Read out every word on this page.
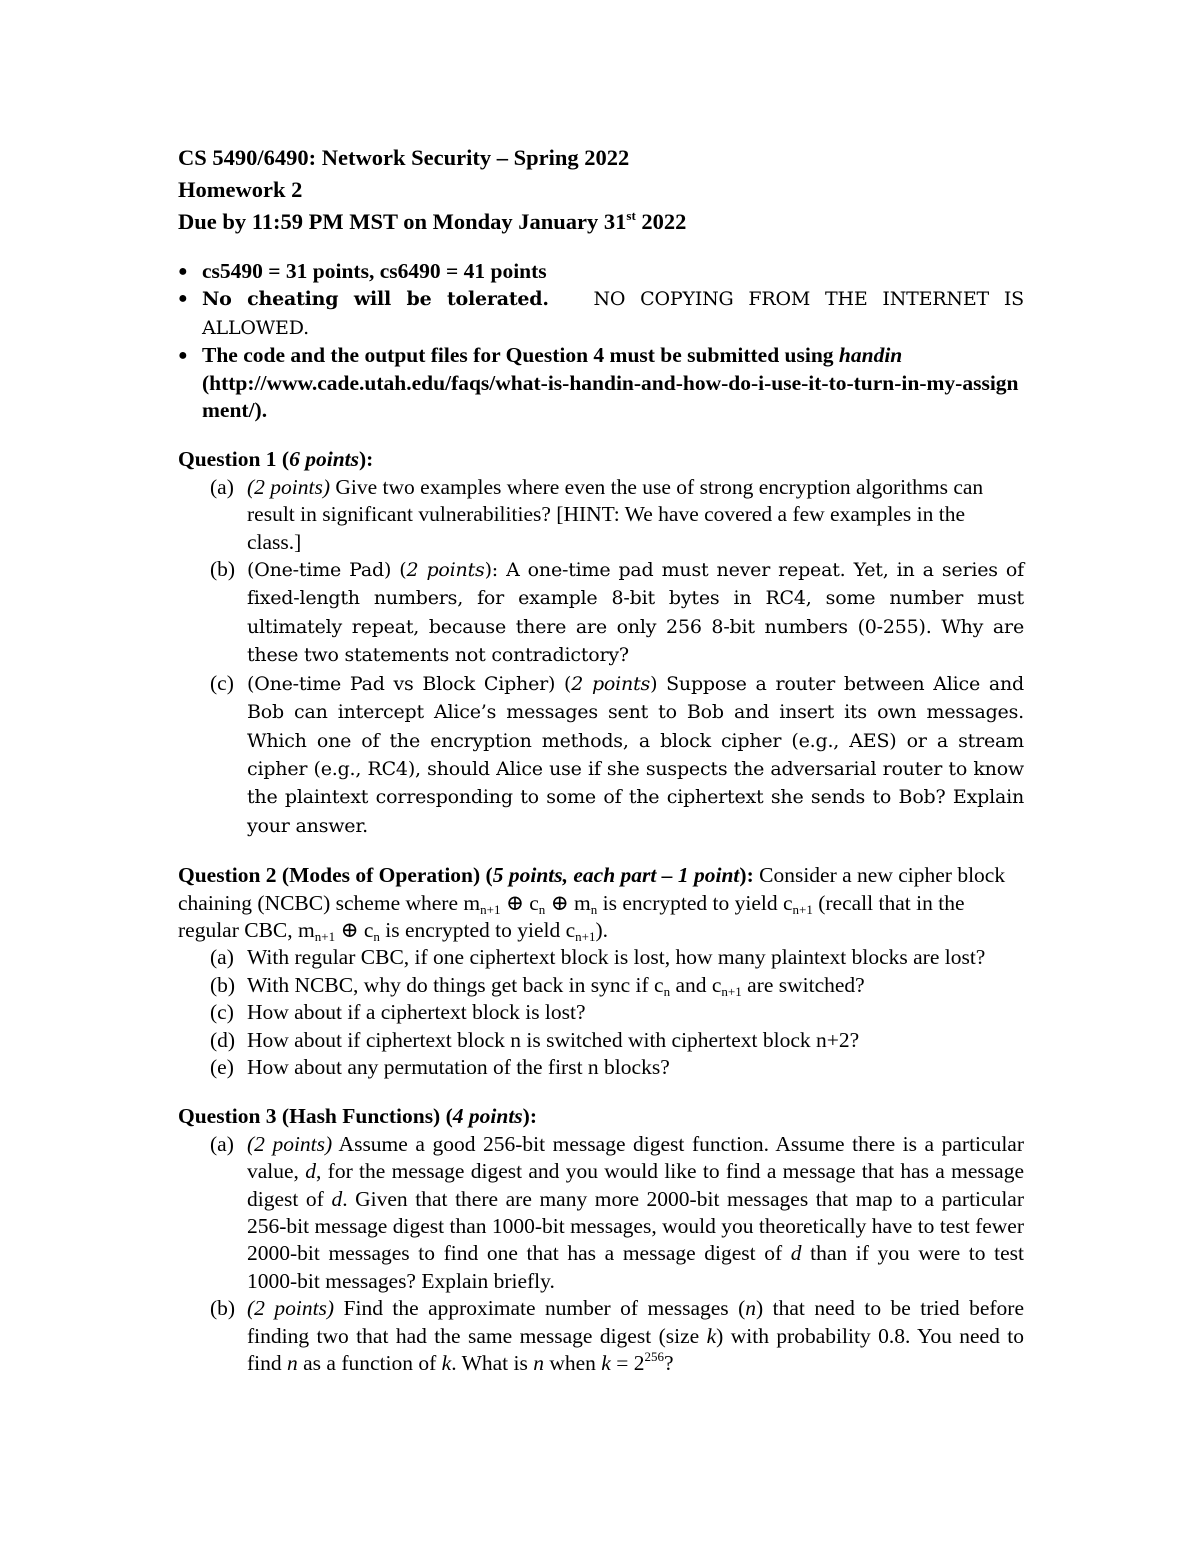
CS 5490/6490: Network Security – Spring 2022
Homework 2
Due by 11:59 PM MST on Monday January 31st 2022
● cs5490 = 31 points, cs6490 = 41 points
● No cheating will be tolerated. NO COPYING FROM THE INTERNET IS ALLOWED.
● The code and the output files for Question 4 must be submitted using handin
(http://www.cade.utah.edu/faqs/what-is-handin-and-how-do-i-use-it-to-turn-in-my-assignment/).
Question 1 (6 points):
(a) (2 points) Give two examples where even the use of strong encryption algorithms can result in significant vulnerabilities? [HINT: We have covered a few examples in the class.]
(b) (One-time Pad) (2 points): A one-time pad must never repeat. Yet, in a series of fixed-length numbers, for example 8-bit bytes in RC4, some number must ultimately repeat, because there are only 256 8-bit numbers (0-255). Why are these two statements not contradictory?
(c) (One-time Pad vs Block Cipher) (2 points) Suppose a router between Alice and Bob can intercept Alice’s messages sent to Bob and insert its own messages. Which one of the encryption methods, a block cipher (e.g., AES) or a stream cipher (e.g., RC4), should Alice use if she suspects the adversarial router to know the plaintext corresponding to some of the ciphertext she sends to Bob? Explain your answer.
Question 2 (Modes of Operation) (5 points, each part – 1 point): Consider a new cipher block chaining (NCBC) scheme where $m_{n+1}$ ⊕ $c_n$ ⊕ $m_n$ is encrypted to yield $c_{n+1}$ (recall that in the regular CBC, $m_{n+1}$ ⊕ $c_n$ is encrypted to yield $c_{n+1}$).
(a) With regular CBC, if one ciphertext block is lost, how many plaintext blocks are lost?
(b) With NCBC, why do things get back in sync if $c_n$ and $c_{n+1}$ are switched?
(c) How about if a ciphertext block is lost?
(d) How about if ciphertext block n is switched with ciphertext block n+2?
(e) How about any permutation of the first n blocks?
Question 3 (Hash Functions) (4 points):
(a) (2 points) Assume a good 256-bit message digest function. Assume there is a particular value, d, for the message digest and you would like to find a message that has a message digest of d. Given that there are many more 2000-bit messages that map to a particular 256-bit message digest than 1000-bit messages, would you theoretically have to test fewer 2000-bit messages to find one that has a message digest of d than if you were to test 1000-bit messages? Explain briefly.
(b) (2 points) Find the approximate number of messages (n) that need to be tried before finding two that had the same message digest (size k) with probability 0.8. You need to find n as a function of k. What is n when $k = 2^{256}$?
